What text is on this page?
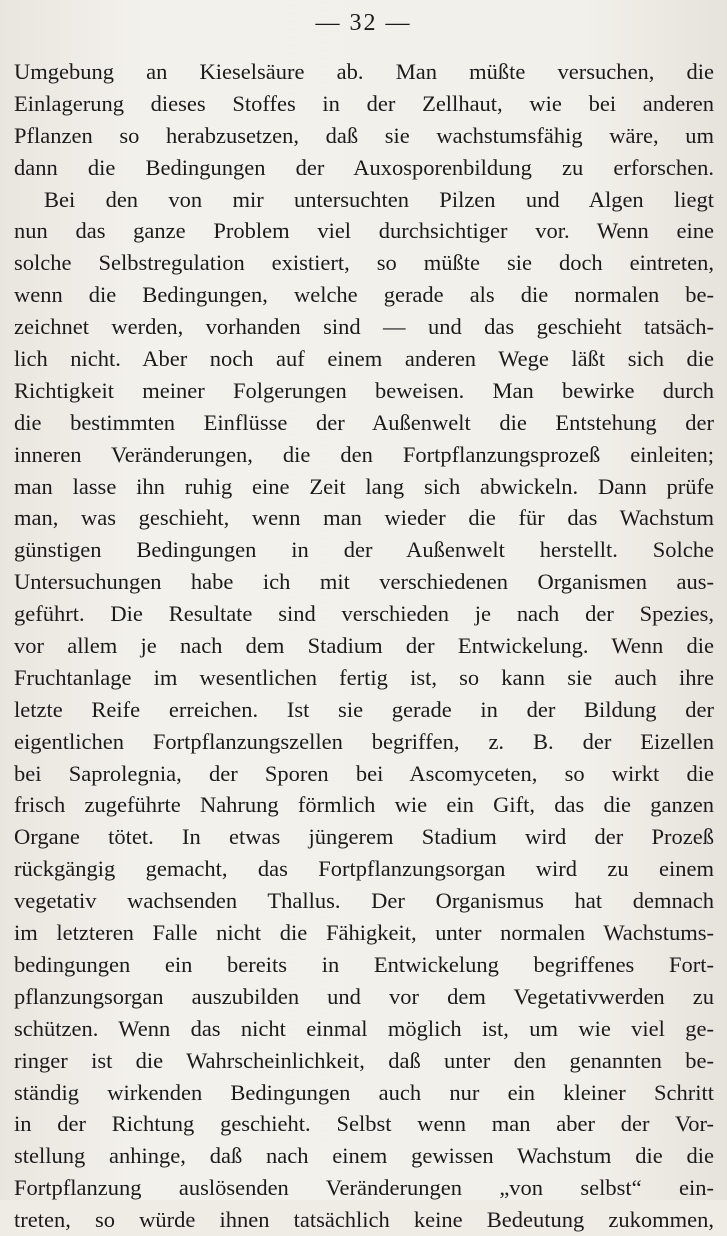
— 32 —
Umgebung an Kieselsäure ab. Man müßte versuchen, die
Einlagerung dieses Stoffes in der Zellhaut, wie bei anderen
Pflanzen so herabzusetzen, daß sie wachstumsfähig wäre, um
dann die Bedingungen der Auxosporenbildung zu erforschen.
Bei den von mir untersuchten Pilzen und Algen liegt
nun das ganze Problem viel durchsichtiger vor. Wenn eine
solche Selbstregulation existiert, so müßte sie doch eintreten,
wenn die Bedingungen, welche gerade als die normalen be-
zeichnet werden, vorhanden sind — und das geschieht tatsäch-
lich nicht. Aber noch auf einem anderen Wege läßt sich die
Richtigkeit meiner Folgerungen beweisen. Man bewirke durch
die bestimmten Einflüsse der Außenwelt die Entstehung der
inneren Veränderungen, die den Fortpflanzungsprozeß einleiten;
man lasse ihn ruhig eine Zeit lang sich abwickeln. Dann prüfe
man, was geschieht, wenn man wieder die für das Wachstum
günstigen Bedingungen in der Außenwelt herstellt. Solche
Untersuchungen habe ich mit verschiedenen Organismen aus-
geführt. Die Resultate sind verschieden je nach der Spezies,
vor allem je nach dem Stadium der Entwickelung. Wenn die
Fruchtanlage im wesentlichen fertig ist, so kann sie auch ihre
letzte Reife erreichen. Ist sie gerade in der Bildung der
eigentlichen Fortpflanzungszellen begriffen, z. B. der Eizellen
bei Saprolegnia, der Sporen bei Ascomyceten, so wirkt die
frisch zugeführte Nahrung förmlich wie ein Gift, das die ganzen
Organe tötet. In etwas jüngerem Stadium wird der Prozeß
rückgängig gemacht, das Fortpflanzungsorgan wird zu einem
vegetativ wachsenden Thallus. Der Organismus hat demnach
im letzteren Falle nicht die Fähigkeit, unter normalen Wachstums-
bedingungen ein bereits in Entwickelung begriffenes Fort-
pflanzungsorgan auszubilden und vor dem Vegetativwerden zu
schützen. Wenn das nicht einmal möglich ist, um wie viel ge-
ringer ist die Wahrscheinlichkeit, daß unter den genannten be-
ständig wirkenden Bedingungen auch nur ein kleiner Schritt
in der Richtung geschieht. Selbst wenn man aber der Vor-
stellung anhinge, daß nach einem gewissen Wachstum die die
Fortpflanzung auslösenden Veränderungen „von selbst“ ein-
treten, so würde ihnen tatsächlich keine Bedeutung zukommen,
